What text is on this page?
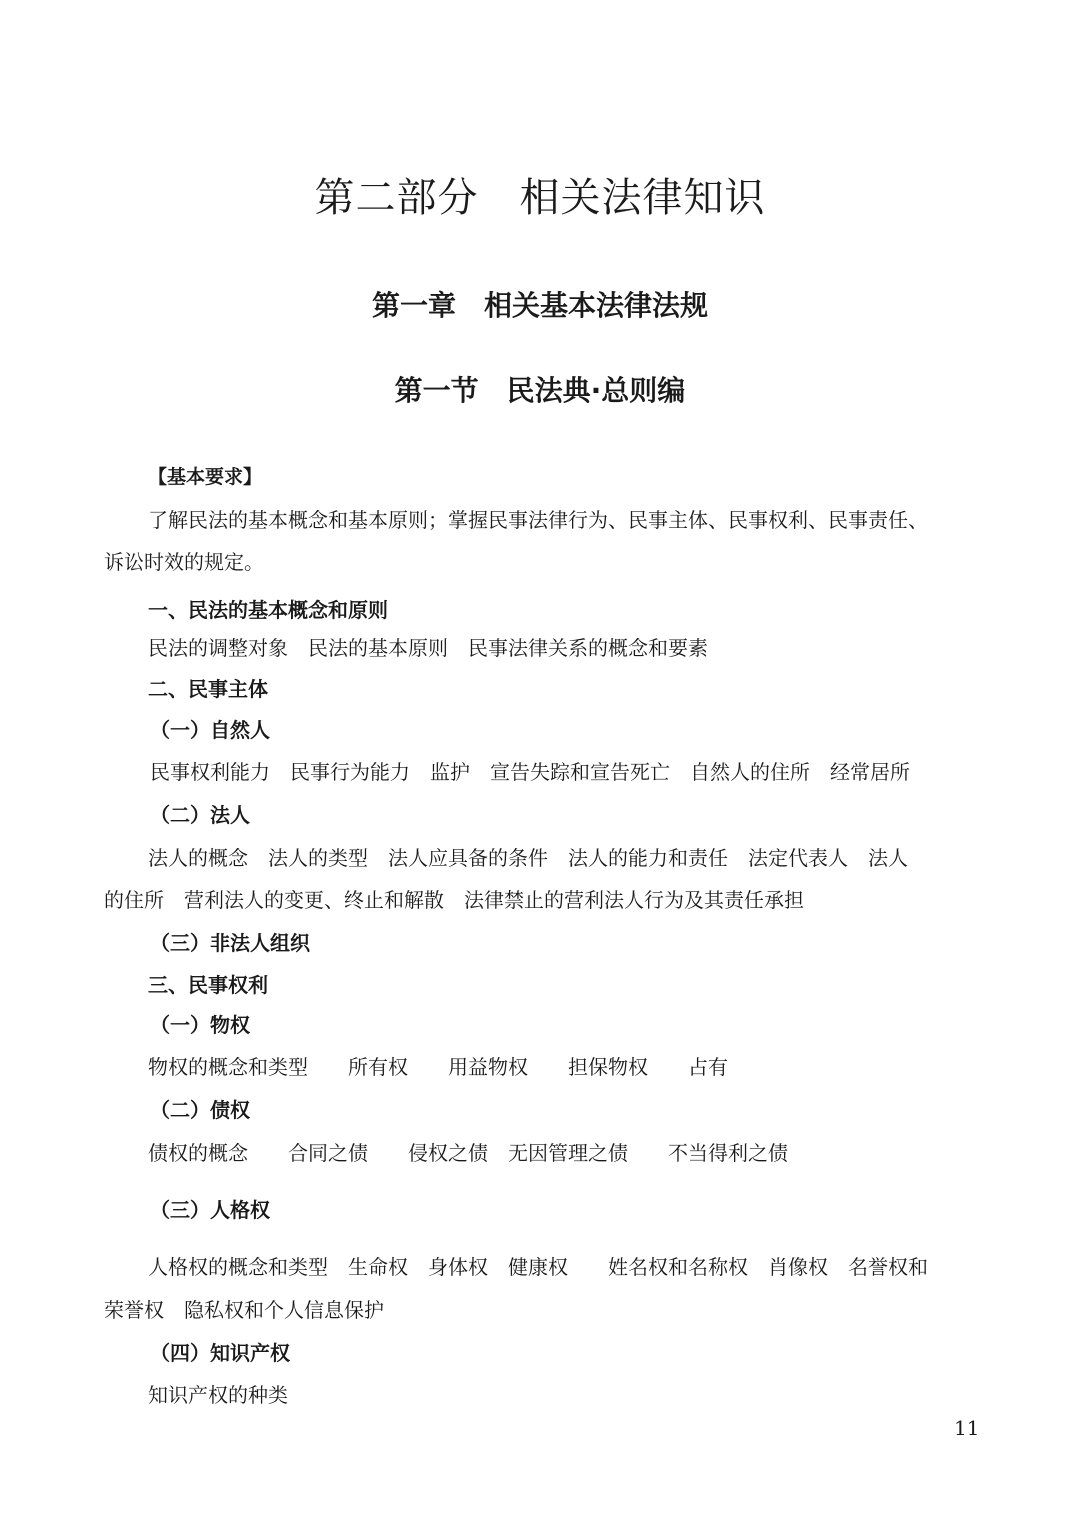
第二部分　相关法律知识
第一章　相关基本法律法规
第一节　民法典·总则编
【基本要求】
了解民法的基本概念和基本原则；掌握民事法律行为、民事主体、民事权利、民事责任、
诉讼时效的规定。
一、民法的基本概念和原则
民法的调整对象　民法的基本原则　民事法律关系的概念和要素
二、民事主体
（一）自然人
民事权利能力　民事行为能力　监护　宣告失踪和宣告死亡　自然人的住所　经常居所
（二）法人
法人的概念　法人的类型　法人应具备的条件　法人的能力和责任　法定代表人　法人
的住所　营利法人的变更、终止和解散　法律禁止的营利法人行为及其责任承担
（三）非法人组织
三、民事权利
（一）物权
物权的概念和类型　　所有权　　用益物权　　担保物权　　占有
（二）债权
债权的概念　　合同之债　　侵权之债　无因管理之债　　不当得利之债
（三）人格权
人格权的概念和类型　生命权　身体权　健康权　　姓名权和名称权　肖像权　名誉权和
荣誉权　隐私权和个人信息保护
（四）知识产权
知识产权的种类
11
